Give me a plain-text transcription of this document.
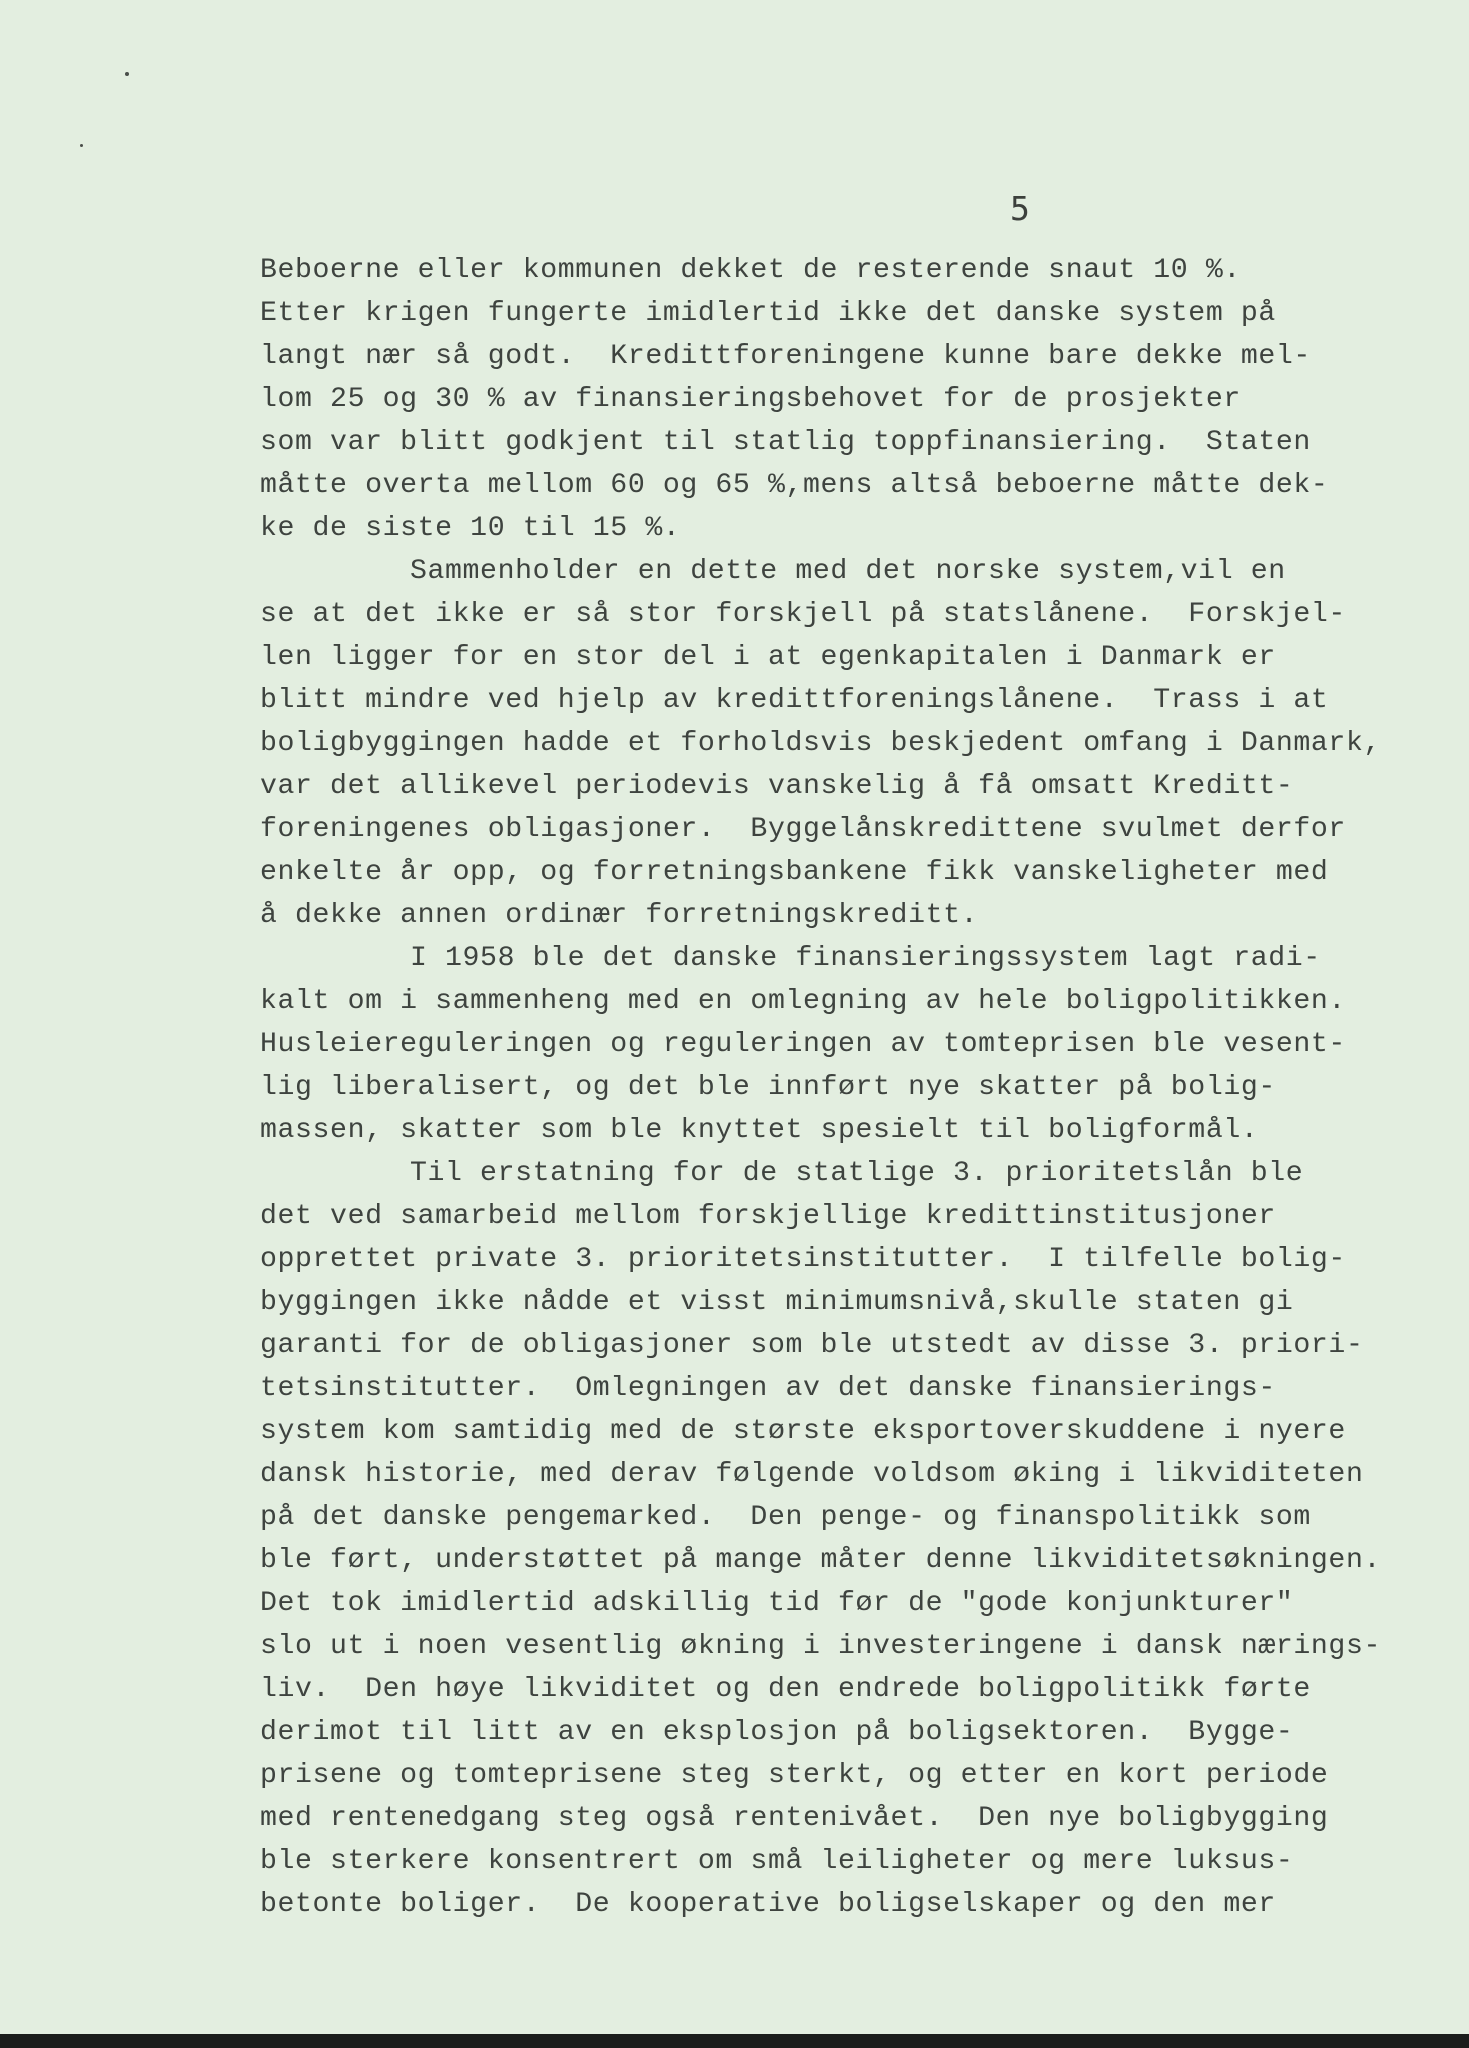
5

Beboerne eller kommunen dekket de resterende snaut 10 %.

Etter krigen fungerte imidlertid ikke det danske system på

langt nær så godt.  Kredittforeningene kunne bare dekke mel-

lom 25 og 30 % av finansieringsbehovet for de prosjekter

som var blitt godkjent til statlig toppfinansiering.  Staten

måtte overta mellom 60 og 65 %,mens altså beboerne måtte dek-

ke de siste 10 til 15 %.

Sammenholder en dette med det norske system,vil en

se at det ikke er så stor forskjell på statslånene.  Forskjel-

len ligger for en stor del i at egenkapitalen i Danmark er

blitt mindre ved hjelp av kredittforeningslånene.  Trass i at

boligbyggingen hadde et forholdsvis beskjedent omfang i Danmark,

var det allikevel periodevis vanskelig å få omsatt Kreditt-

foreningenes obligasjoner.  Byggelånskredittene svulmet derfor

enkelte år opp, og forretningsbankene fikk vanskeligheter med

å dekke annen ordinær forretningskreditt.

I 1958 ble det danske finansieringssystem lagt radi-

kalt om i sammenheng med en omlegning av hele boligpolitikken.

Husleiereguleringen og reguleringen av tomteprisen ble vesent-

lig liberalisert, og det ble innført nye skatter på bolig-

massen, skatter som ble knyttet spesielt til boligformål.

Til erstatning for de statlige 3. prioritetslån ble

det ved samarbeid mellom forskjellige kredittinstitusjoner

opprettet private 3. prioritetsinstitutter.  I tilfelle bolig-

byggingen ikke nådde et visst minimumsnivå,skulle staten gi

garanti for de obligasjoner som ble utstedt av disse 3. priori-

tetsinstitutter.  Omlegningen av det danske finansierings-

system kom samtidig med de største eksportoverskuddene i nyere

dansk historie, med derav følgende voldsom øking i likviditeten

på det danske pengemarked.  Den penge- og finanspolitikk som

ble ført, understøttet på mange måter denne likviditetsøkningen.

Det tok imidlertid adskillig tid før de "gode konjunkturer"

slo ut i noen vesentlig økning i investeringene i dansk nærings-

liv.  Den høye likviditet og den endrede boligpolitikk førte

derimot til litt av en eksplosjon på boligsektoren.  Bygge-

prisene og tomteprisene steg sterkt, og etter en kort periode

med rentenedgang steg også rentenivået.  Den nye boligbygging

ble sterkere konsentrert om små leiligheter og mere luksus-

betonte boliger.  De kooperative boligselskaper og den mer
